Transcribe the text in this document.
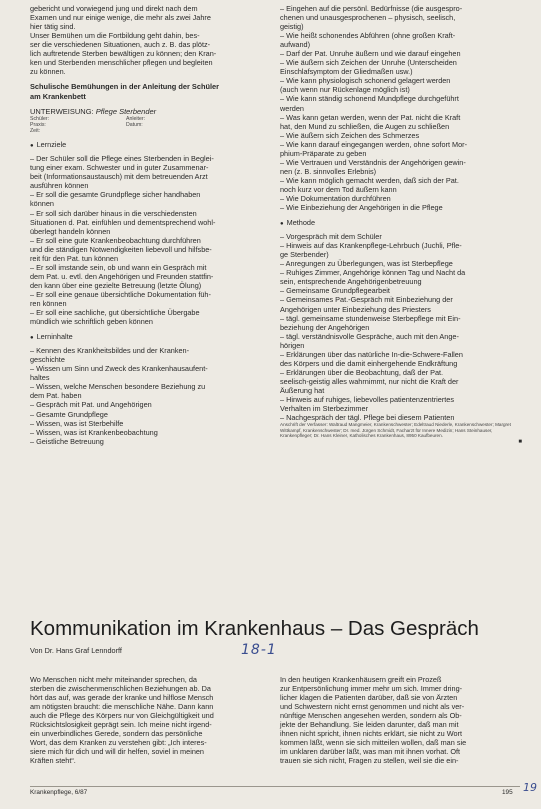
gebericht und vorwiegend jung und direkt nach dem
Examen und nur einige wenige, die mehr als zwei Jahre
hier tätig sind.

Unser Bemühen um die Fortbildung geht dahin, bes-
ser die verschiedenen Situationen, auch z. B. das plötz-
lich auftretende Sterben bewältigen zu können; den Kran-
ken und Sterbenden menschlicher pflegen und begleiten
zu können.

Schulische Bemühungen in der Anleitung der Schüler
am Krankenbett

UNTERWEISUNG: Pflege Sterbender

Schüler:
Praxis:
Zeit:
Anleiter:
Datum:

● Lernziele

– Der Schüler soll die Pflege eines Sterbenden in Beglei-
tung einer exam. Schwester und in guter Zusammenar-
beit (Informationsaustausch) mit dem betreuenden Arzt
ausführen können
– Er soll die gesamte Grundpflege sicher handhaben
können
– Er soll sich darüber hinaus in die verschiedensten
Situationen d. Pat. einfühlen und dementsprechend wohl-
überlegt handeln können
– Er soll eine gute Krankenbeobachtung durchführen
und die ständigen Notwendigkeiten liebevoll und hilfsbe-
reit für den Pat. tun können
– Er soll imstande sein, ob und wann ein Gespräch mit
dem Pat. u. evtl. den Angehörigen und Freunden stattfin-
den kann über eine gezielte Betreuung (letzte Ölung)
– Er soll eine genaue übersichtliche Dokumentation füh-
ren können
– Er soll eine sachliche, gut übersichtliche Übergabe
mündlich wie schriftlich geben können

● Lerninhalte

– Kennen des Krankheitsbildes und der Kranken-
geschichte
– Wissen um Sinn und Zweck des Krankenhausaufent-
haltes
– Wissen, welche Menschen besondere Beziehung zu
dem Pat. haben
– Gespräch mit Pat. und Angehörigen
– Gesamte Grundpflege
– Wissen, was ist Sterbehilfe
– Wissen, was ist Krankenbeobachtung
– Geistliche Betreuung

– Eingehen auf die persönl. Bedürfnisse (die ausgespro-
chenen und unausgesprochenen – physisch, seelisch,
geistig)
– Wie heißt schonendes Abführen (ohne großen Kraft-
aufwand)
– Darf der Pat. Unruhe äußern und wie darauf eingehen
– Wie äußern sich Zeichen der Unruhe (Unterscheiden
Einschlafsymptom der Gliedmaßen usw.)
– Wie kann physiologisch schonend gelagert werden
(auch wenn nur Rückenlage möglich ist)
– Wie kann ständig schonend Mundpflege durchgeführt
werden
– Was kann getan werden, wenn der Pat. nicht die Kraft
hat, den Mund zu schließen, die Augen zu schließen
– Wie äußern sich Zeichen des Schmerzes
– Wie kann darauf eingegangen werden, ohne sofort Mor-
phium-Präparate zu geben
– Wie Vertrauen und Verständnis der Angehörigen gewin-
nen (z. B. sinnvolles Erlebnis)
– Wie kann möglich gemacht werden, daß sich der Pat.
noch kurz vor dem Tod äußern kann
– Wie Dokumentation durchführen
– Wie Einbeziehung der Angehörigen in die Pflege

● Methode

– Vorgespräch mit dem Schüler
– Hinweis auf das Krankenpflege-Lehrbuch (Juchli, Pfle-
ge Sterbender)
– Anregungen zu Überlegungen, was ist Sterbepflege
– Ruhiges Zimmer, Angehörige können Tag und Nacht da
sein, entsprechende Angehörigenbetreuung
– Gemeinsame Grundpflegearbeit
– Gemeinsames Pat.-Gespräch mit Einbeziehung der
Angehörigen unter Einbeziehung des Priesters
– tägl. gemeinsame stundenweise Sterbepflege mit Ein-
beziehung der Angehörigen
– tägl. verständnisvolle Gespräche, auch mit den Ange-
hörigen
– Erklärungen über das natürliche In-die-Schwere-Fallen
des Körpers und die damit einhergehende Endkräftung
– Erklärungen über die Beobachtung, daß der Pat.
seelisch-geistig alles wahrnimmt, nur nicht die Kraft der
Äußerung hat
– Hinweis auf ruhiges, liebevolles patientenzentriertes
Verhalten im Sterbezimmer
– Nachgespräch der tägl. Pflege bei diesem Patienten

Anschrift der Verfasser: Waltraud Mangmeier, Krankenschwester; Edeltraud Niederle, Krankenschwester; Margret Wittkampf, Krankenschwester; Dr. med. Jürgen Schmidt, Facharzt für Innere Medizin; Hans Steinhauser, Krankenpfleger; Dr. Hans Kleiner, Katholisches Krankenhaus, 8950 Kaufbeuren.

■
Kommunikation im Krankenhaus – Das Gespräch

Von Dr. Hans Graf Lenndorff	18-1

Wo Menschen nicht mehr miteinander sprechen, da
sterben die zwischenmenschlichen Beziehungen ab. Da
hört das auf, was gerade der kranke und hilflose Mensch
am nötigsten braucht: die menschliche Nähe. Dann kann
auch die Pflege des Körpers nur von Gleichgültigkeit und
Rücksichtslosigkeit geprägt sein. Ich meine nicht irgend-
ein unverbindliches Gerede, sondern das persönliche
Wort, das dem Kranken zu verstehen gibt: „Ich interes-
siere mich für dich und will dir helfen, soviel in meinen
Kräften steht“.

In den heutigen Krankenhäusern greift ein Prozeß
zur Entpersönlichung immer mehr um sich. Immer dring-
licher klagen die Patienten darüber, daß sie von Ärzten
und Schwestern nicht ernst genommen und nicht als ver-
nünftige Menschen angesehen werden, sondern als Ob-
jekte der Behandlung. Sie leiden darunter, daß man mit
ihnen nicht spricht, ihnen nichts erklärt, sie nicht zu Wort
kommen läßt, wenn sie sich mitteilen wollen, daß man sie
im unklaren darüber läßt, was man mit ihnen vorhat. Oft
trauen sie sich nicht, Fragen zu stellen, weil sie die ein-

Krankenpflege, 6/87	195 19
